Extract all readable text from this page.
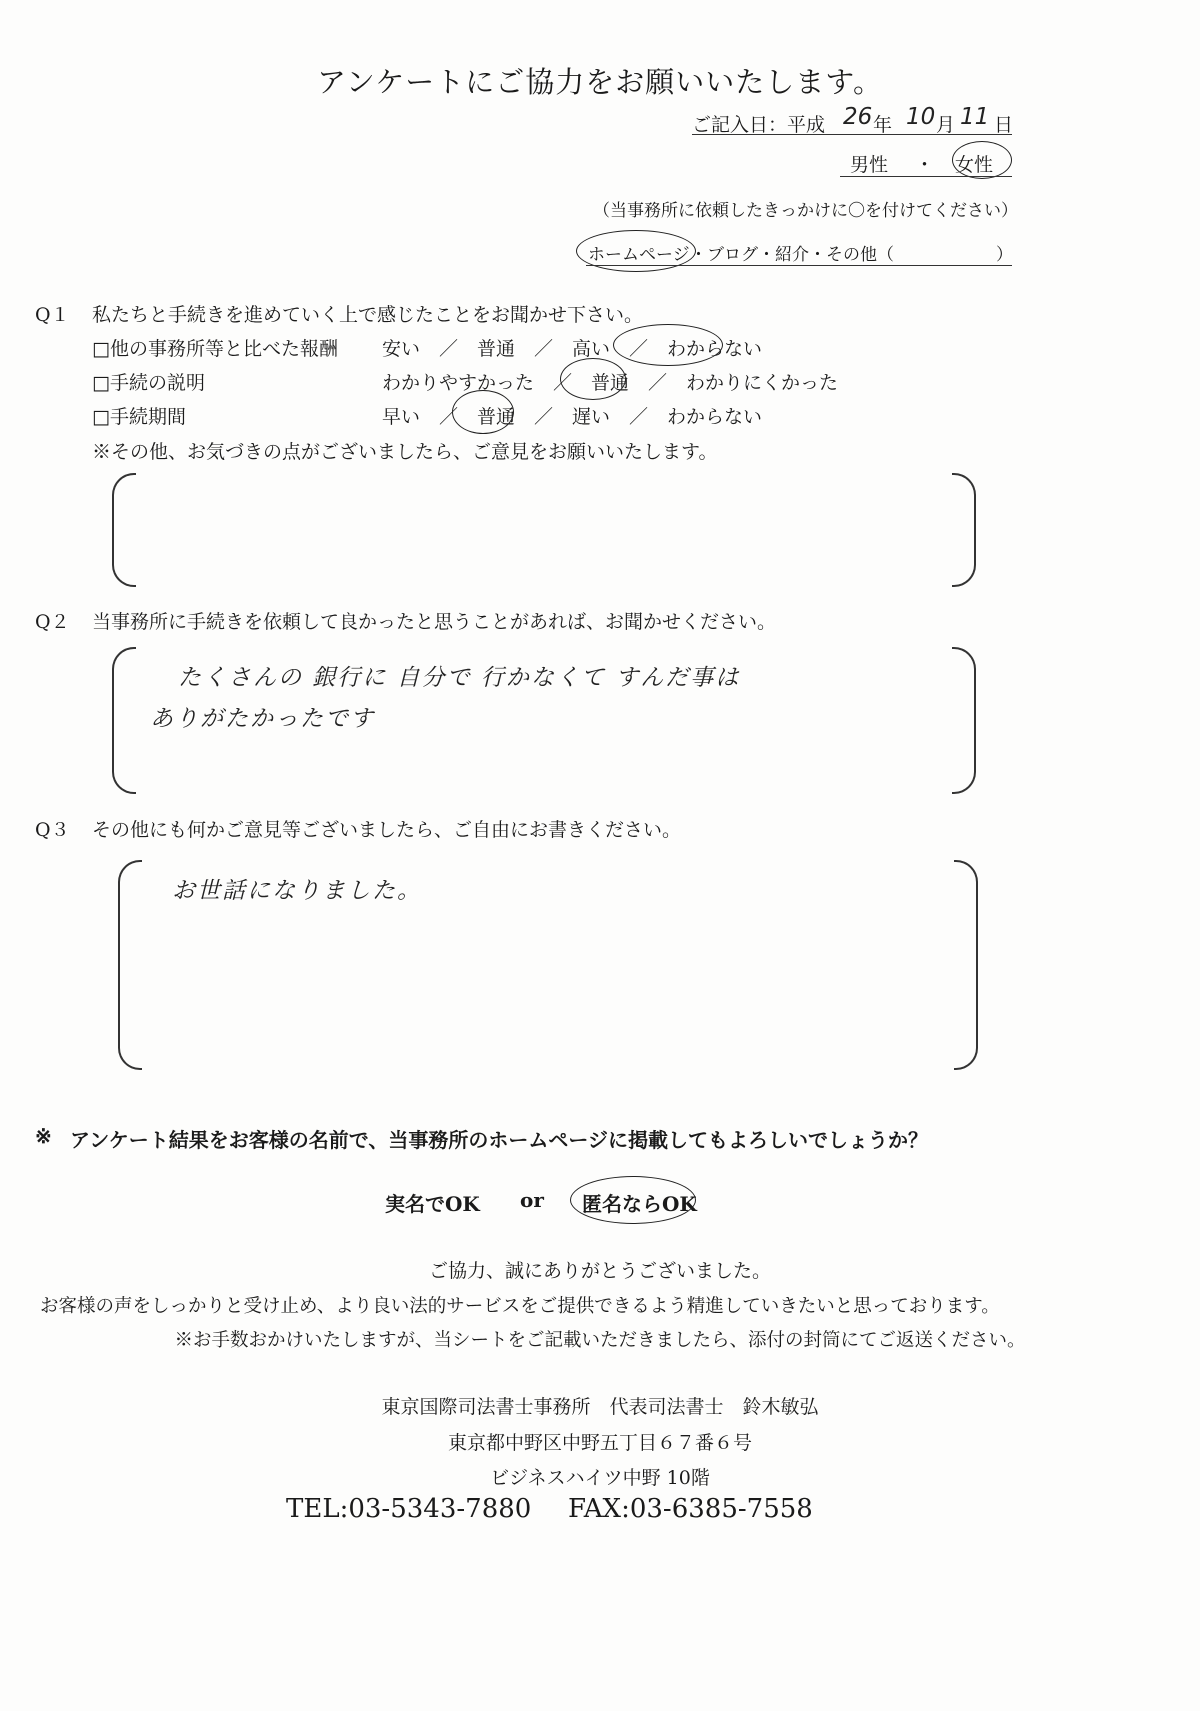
アンケートにご協力をお願いいたします。
ご記入日：平成 26 年 10 月 11 日
男性 ・ 女性
（当事務所に依頼したきっかけに〇を付けてください）
ホームページ ・ブログ・紹介・その他（　　　　　　）
Q１ 私たちと手続きを進めていく上で感じたことをお聞かせ下さい。
□他の事務所等と比べた報酬 安い　／　普通　／　高い　／　わからない
□手続の説明	わかりやすかった　／　普通　／　わかりにくかった
□手続期間	早い　／　普通　／　遅い　／　わからない
※その他、お気づきの点がございましたら、ご意見をお願いいたします。
Q２ 当事務所に手続きを依頼して良かったと思うことがあれば、お聞かせください。
たくさんの 銀行に 自分で 行かなくて すんだ事は
ありがたかったです
Q３ その他にも何かご意見等ございましたら、ご自由にお書きください。
お世話になりました。
※ アンケート結果をお客様の名前で、当事務所のホームページに掲載してもよろしいでしょうか？
実名でOK or 匿名ならOK
ご協力、誠にありがとうございました。
お客様の声をしっかりと受け止め、より良い法的サービスをご提供できるよう精進していきたいと思っております。
※お手数おかけいたしますが、当シートをご記載いただきましたら、添付の封筒にてご返送ください。
東京国際司法書士事務所　代表司法書士　鈴木敏弘
東京都中野区中野五丁目６７番６号
ビジネスハイツ中野 10階
TEL:03-5343-7880 FAX:03-6385-7558
